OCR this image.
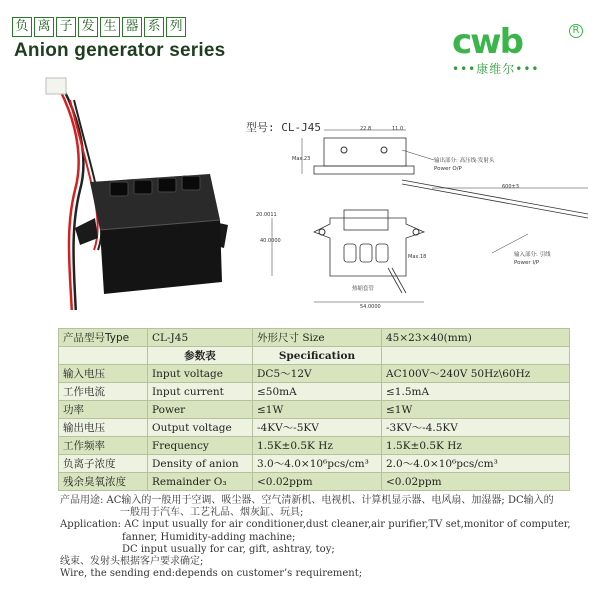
负 离 子 发 生 器 系 列
Anion generator series	cwb	R
•••康维尔•••
型号: CL-J45	22.8	11.0
Max.23	输出部分: 高压线·发射头
Power O/P
20.0011
40.0000
Max.18
54.0000
600±3
热缩套管
输入部分: 引线
Power I/P
产品型号Type	CL-J45	外形尺寸 Size	45×23×40(mm)
	参数表	Specification	
输入电压	Input voltage	DC5～12V	AC100V～240V 50Hz\60Hz
工作电流	Input current	≤50mA	≤1.5mA
功率	Power	≤1W	≤1W
输出电压	Output voltage	-4KV～-5KV	-3KV～-4.5KV
工作频率	Frequency	1.5K±0.5K Hz	1.5K±0.5K Hz
负离子浓度	Density of anion	3.0～4.0×10⁶pcs/cm³	2.0～4.0×10⁶pcs/cm³
残余臭氧浓度	Remainder O₃	<0.02ppm	<0.02ppm
产品用途: AC输入的一般用于空调、吸尘器、空气清新机、电视机、计算机显示器、电风扇、加湿器; DC输入的
一般用于汽车、工艺礼品、烟灰缸、玩具;
Application: AC input usually for air conditioner,dust cleaner,air purifier,TV set,monitor of computer,
fanner, Humidity-adding machine;
DC input usually for car, gift, ashtray, toy;
线束、发射头根据客户要求确定;
Wire, the sending end:depends on customer’s requirement;
